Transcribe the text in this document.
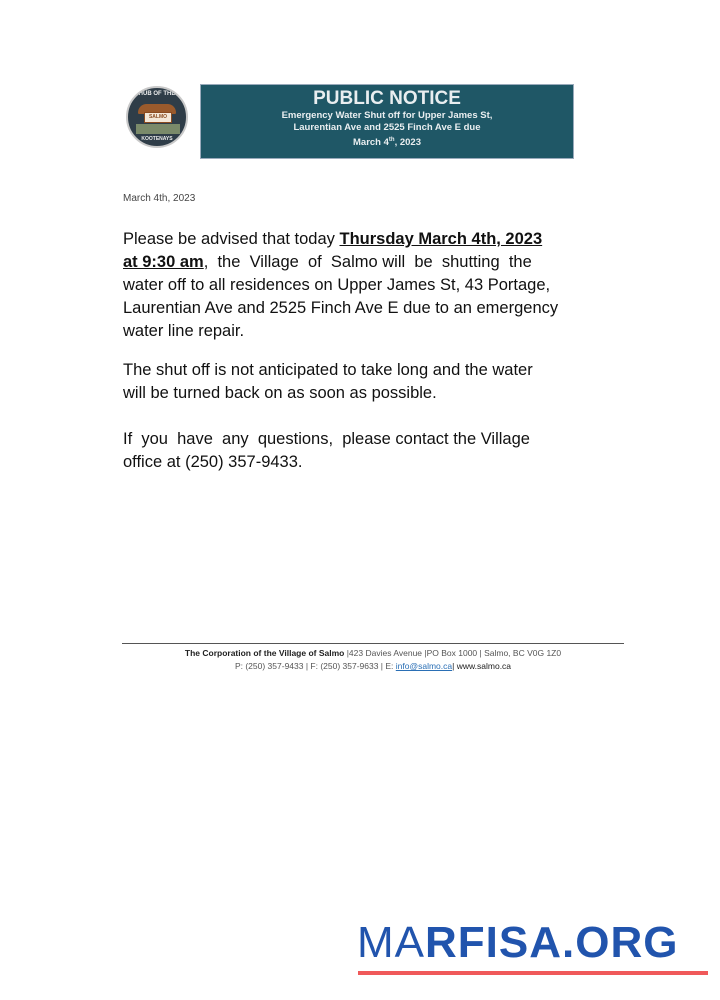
HUB OF THE
SALMO
KOOTENAYS
PUBLIC NOTICE
Emergency Water Shut off for Upper James St,
Laurentian Ave and 2525 Finch Ave E due
March 4th, 2023
March 4th, 2023
Please be advised that today Thursday March 4th, 2023
at 9:30 am,  the  Village  of  Salmo will  be  shutting  the
water off to all residences on Upper James St, 43 Portage,
Laurentian Ave and 2525 Finch Ave E due to an emergency
water line repair.
The shut off is not anticipated to take long and the water
will be turned back on as soon as possible.
If  you  have  any  questions,  please contact the Village
office at (250) 357-9433.
The Corporation of the Village of Salmo |423 Davies Avenue |PO Box 1000 | Salmo, BC V0G 1Z0
P: (250) 357-9433 | F: (250) 357-9633 | E: info@salmo.ca| www.salmo.ca
MARFISA.ORG
